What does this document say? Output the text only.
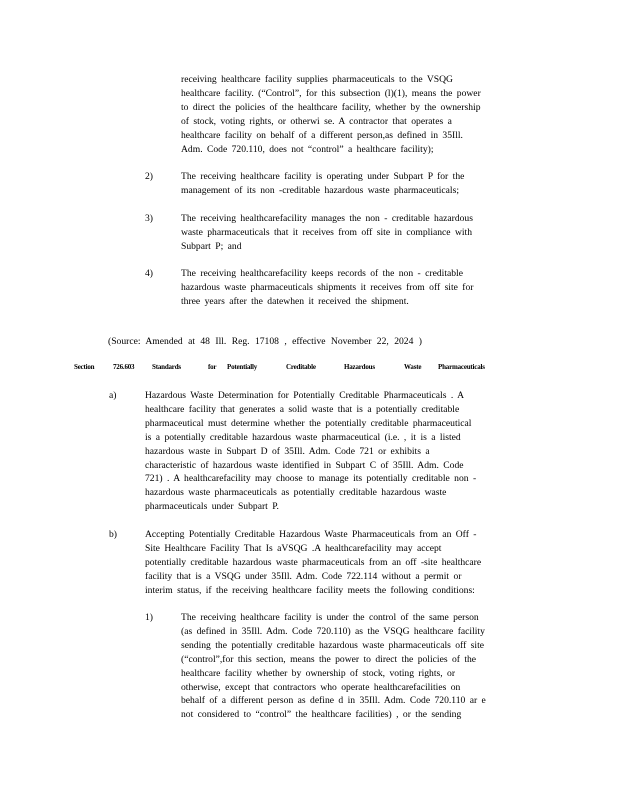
receiving healthcare facility supplies pharmaceuticals to the VSQG
healthcare facility. (“Control”, for this subsection (l)(1), means the power
to direct the policies of the healthcare facility, whether by the ownership
of stock, voting rights, or otherwi se. A contractor that operates a
healthcare facility on behalf of a different person,as defined in 35Ill.
Adm. Code 720.110, does not “control” a healthcare facility);
2)	The receiving healthcare facility is operating under Subpart P for the
management of its non -creditable hazardous waste pharmaceuticals;
3)	The receiving healthcarefacility manages the non - creditable hazardous
waste pharmaceuticals that it receives from off site in compliance with
Subpart P; and
4)	The receiving healthcarefacility keeps records of the non - creditable
hazardous waste pharmaceuticals shipments it receives from off site for
three years after the datewhen it received the shipment.
(Source: Amended at 48 Ill. Reg. 17108 , effective November 22, 2024 )
Section	726.603	Standards	for Potentially	Creditable	Hazardous	Waste Pharmaceuticals
a)	Hazardous Waste Determination for Potentially Creditable Pharmaceuticals . A
healthcare facility that generates a solid waste that is a potentially creditable
pharmaceutical must determine whether the potentially creditable pharmaceutical
is a potentially creditable hazardous waste pharmaceutical (i.e. , it is a listed
hazardous waste in Subpart D of 35Ill. Adm. Code 721 or exhibits a
characteristic of hazardous waste identified in Subpart C of 35Ill. Adm. Code
721) . A healthcarefacility may choose to manage its potentially creditable non -
hazardous waste pharmaceuticals as potentially creditable hazardous waste
pharmaceuticals under Subpart P.
b)	Accepting Potentially Creditable Hazardous Waste Pharmaceuticals from an Off -
Site Healthcare Facility That Is aVSQG .A healthcarefacility may accept
potentially creditable hazardous waste pharmaceuticals from an off -site healthcare
facility that is a VSQG under 35Ill. Adm. Code 722.114 without a permit or
interim status, if the receiving healthcare facility meets the following conditions:
1)	The receiving healthcare facility is under the control of the same person
(as defined in 35Ill. Adm. Code 720.110) as the VSQG healthcare facility
sending the potentially creditable hazardous waste pharmaceuticals off site
(“control”,for this section, means the power to direct the policies of the
healthcare facility whether by ownership of stock, voting rights, or
otherwise, except that contractors who operate healthcarefacilities on
behalf of a different person as define d in 35Ill. Adm. Code 720.110 ar e
not considered to “control” the healthcare facilities) , or the sending
